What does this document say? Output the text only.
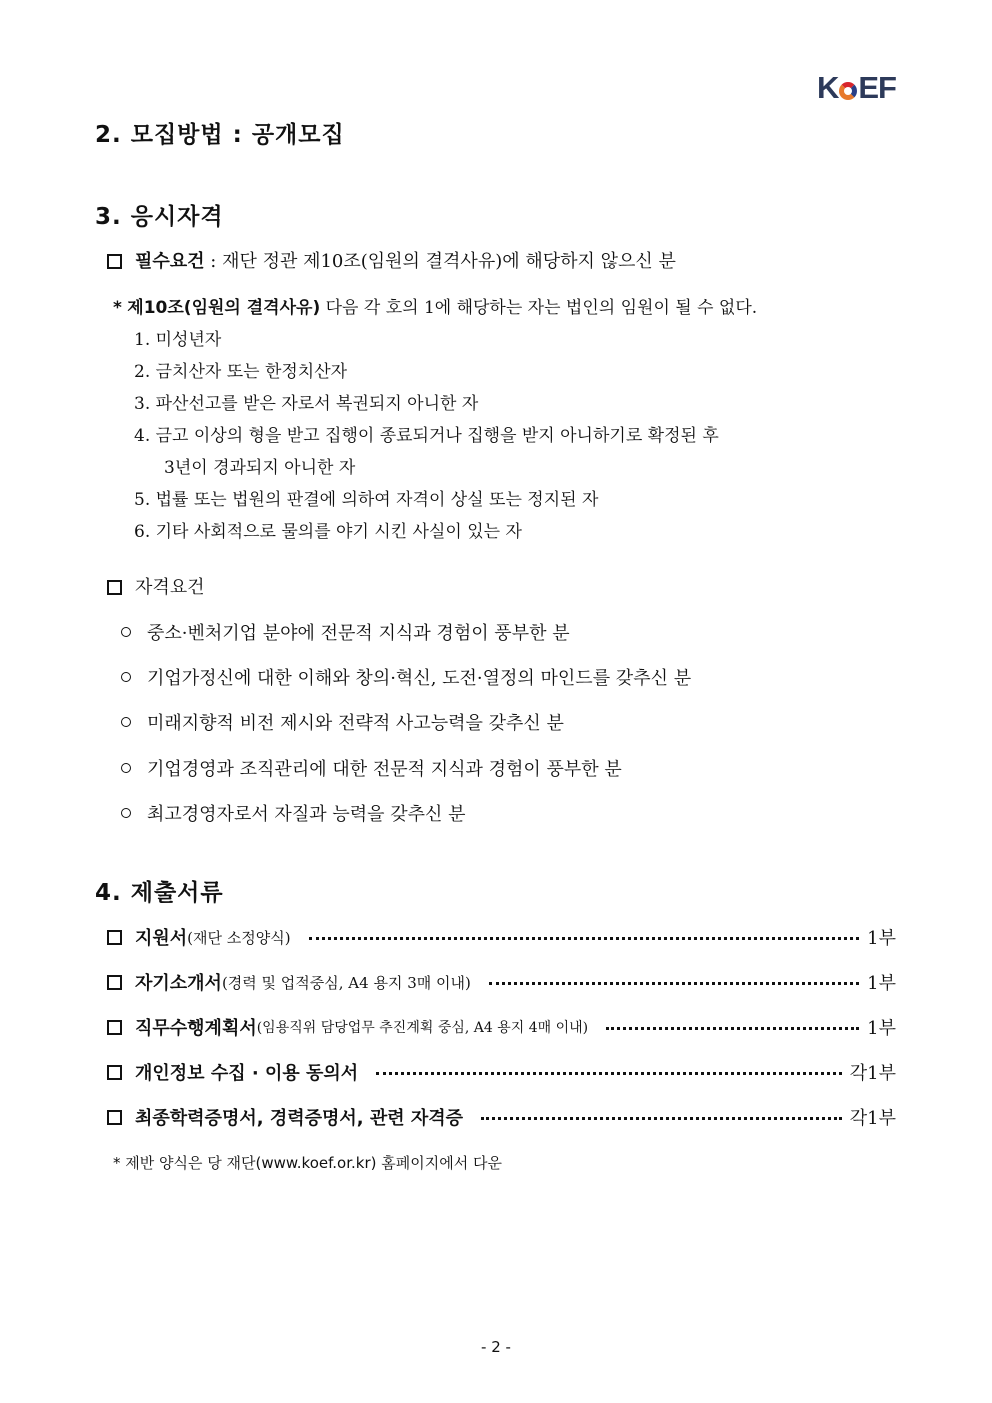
K EF
2. 모집방법 : 공개모집
3. 응시자격
필수요건 : 재단 정관 제10조(임원의 결격사유)에 해당하지 않으신 분
* 제10조(임원의 결격사유) 다음 각 호의 1에 해당하는 자는 법인의 임원이 될 수 없다.
1. 미성년자
2. 금치산자 또는 한정치산자
3. 파산선고를 받은 자로서 복권되지 아니한 자
4. 금고 이상의 형을 받고 집행이 종료되거나 집행을 받지 아니하기로 확정된 후
3년이 경과되지 아니한 자
5. 법률 또는 법원의 판결에 의하여 자격이 상실 또는 정지된 자
6. 기타 사회적으로 물의를 야기 시킨 사실이 있는 자
자격요건
중소·벤처기업 분야에 전문적 지식과 경험이 풍부한 분
기업가정신에 대한 이해와 창의·혁신, 도전·열정의 마인드를 갖추신 분
미래지향적 비전 제시와 전략적 사고능력을 갖추신 분
기업경영과 조직관리에 대한 전문적 지식과 경험이 풍부한 분
최고경영자로서 자질과 능력을 갖추신 분
4. 제출서류
지원서 (재단 소정양식)	1부
자기소개서 (경력 및 업적중심, A4 용지 3매 이내)	1부
직무수행계획서 (임용직위 담당업무 추진계획 중심, A4 용지 4매 이내)	1부
개인정보 수집 · 이용 동의서	각1부
최종학력증명서, 경력증명서, 관련 자격증	각1부
* 제반 양식은 당 재단(www.koef.or.kr) 홈페이지에서 다운
- 2 -
